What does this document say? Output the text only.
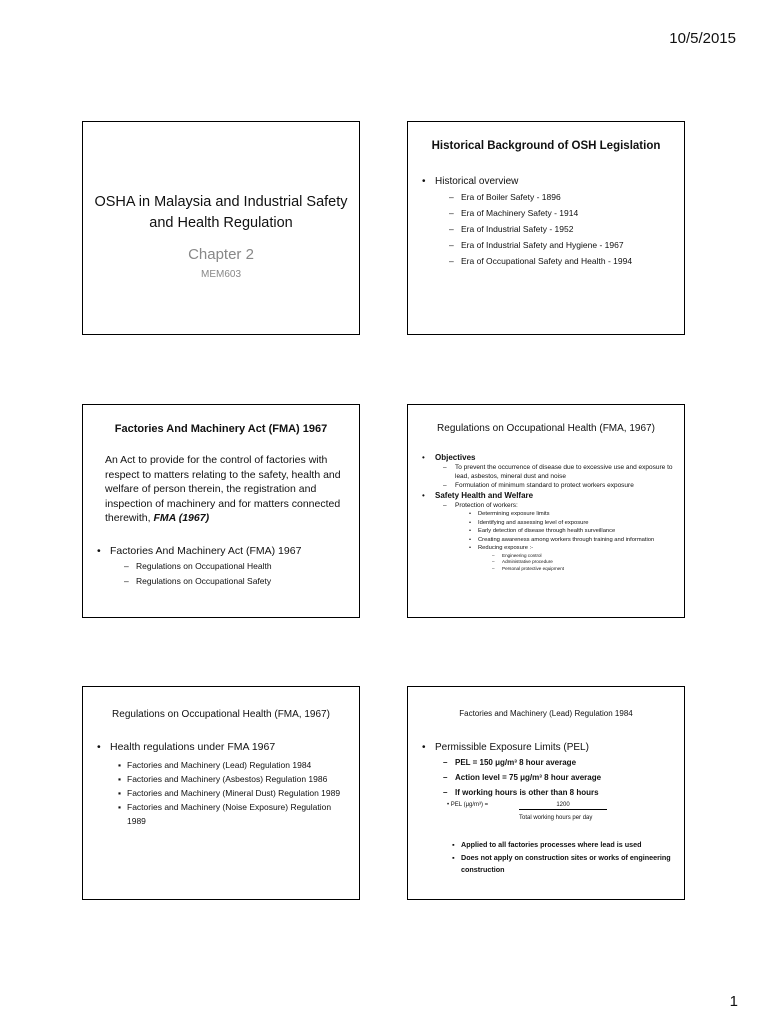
10/5/2015
OSHA in Malaysia and Industrial Safety and Health Regulation
Chapter 2
MEM603
Historical Background of OSH Legislation
• Historical overview
– Era of Boiler Safety - 1896
– Era of Machinery Safety - 1914
– Era of Industrial Safety - 1952
– Era of Industrial Safety and Hygiene - 1967
– Era of Occupational Safety and Health - 1994
Factories And Machinery Act (FMA) 1967
An Act to provide for the control of factories with respect to matters relating to the safety, health and welfare of person therein, the registration and inspection of machinery and for matters connected therewith, FMA (1967)
• Factories And Machinery Act (FMA) 1967
– Regulations on Occupational Health
– Regulations on Occupational Safety
Regulations on Occupational Health (FMA, 1967)
• Objectives
– To prevent the occurrence of disease due to excessive use and exposure to lead, asbestos, mineral dust and noise
– Formulation of minimum standard to protect workers exposure
• Safety Health and Welfare
– Protection of workers:
• Determining exposure limits
• Identifying and assessing level of exposure
• Early detection of disease through health surveillance
• Creating awareness among workers through training and information
• Reducing exposure :-
– Engineering control
– Administrative procedure
– Personal protective equipment
Regulations on Occupational Health (FMA, 1967)
• Health regulations under FMA 1967
▪ Factories and Machinery (Lead) Regulation 1984
▪ Factories and Machinery (Asbestos) Regulation 1986
▪ Factories and Machinery (Mineral Dust) Regulation 1989
▪ Factories and Machinery (Noise Exposure) Regulation 1989
Factories and Machinery (Lead) Regulation 1984
• Permissible Exposure Limits (PEL)
– PEL = 150 μg/m³ 8 hour average
– Action level = 75 μg/m³ 8 hour average
– If working hours is other than 8 hours
• PEL (μg/m³) =	1200
Total working hours per day
▪ Applied to all factories processes where lead is used
▪ Does not apply on construction sites or works of engineering construction
1
